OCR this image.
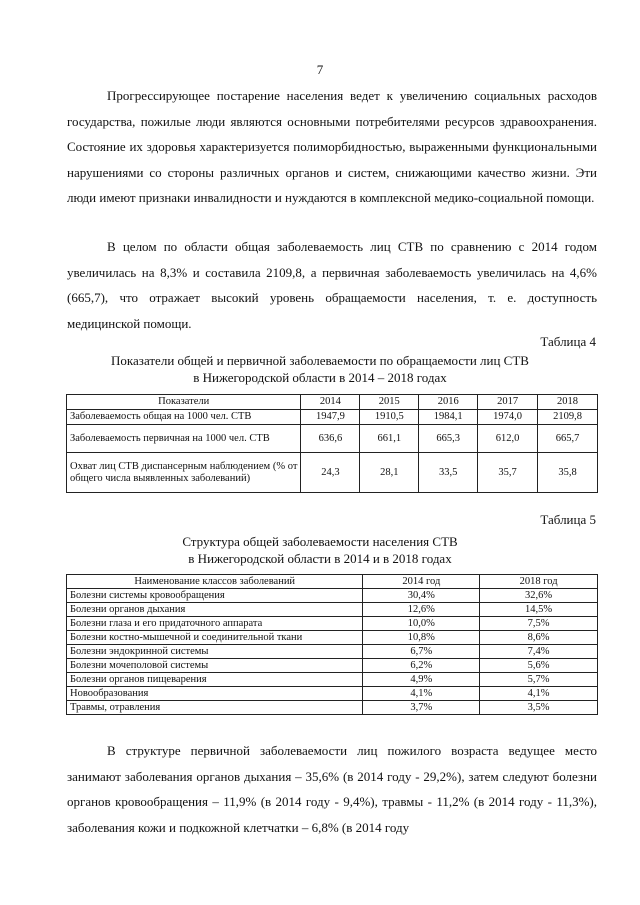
7

Прогрессирующее постарение населения ведет к увеличению социальных расходов государства, пожилые люди являются основными потребителями ресурсов здравоохранения. Состояние их здоровья характеризуется полиморбидностью, выраженными функциональными нарушениями со стороны различных органов и систем, снижающими качество жизни. Эти люди имеют признаки инвалидности и нуждаются в комплексной медико-социальной помощи.

В целом по области общая заболеваемость лиц СТВ по сравнению с 2014 годом увеличилась на 8,3% и составила 2109,8, а первичная заболеваемость увеличилась на 4,6% (665,7), что отражает высокий уровень обращаемости населения, т. е. доступность медицинской помощи.

Таблица 4
Показатели общей и первичной заболеваемости по обращаемости лиц СТВ
в Нижегородской области в 2014 – 2018 годах
Показатели	2014	2015	2016	2017	2018
Заболеваемость общая на 1000 чел. СТВ	1947,9	1910,5	1984,1	1974,0	2109,8
Заболеваемость первичная на 1000 чел. СТВ	636,6	661,1	665,3	612,0	665,7
Охват лиц СТВ диспансерным наблюдением (% от общего числа выявленных заболеваний)	24,3	28,1	33,5	35,7	35,8
Таблица 5
Структура общей заболеваемости населения СТВ
в Нижегородской области в 2014 и в 2018 годах
Наименование классов заболеваний	2014 год	2018 год
Болезни системы кровообращения	30,4%	32,6%
Болезни органов дыхания	12,6%	14,5%
Болезни глаза и его придаточного аппарата	10,0%	7,5%
Болезни костно-мышечной и соединительной ткани	10,8%	8,6%
Болезни эндокринной системы	6,7%	7,4%
Болезни мочеполовой системы	6,2%	5,6%
Болезни органов пищеварения	4,9%	5,7%
Новообразования	4,1%	4,1%
Травмы, отравления	3,7%	3,5%

В структуре первичной заболеваемости лиц пожилого возраста ведущее место занимают заболевания органов дыхания – 35,6% (в 2014 году - 29,2%), затем следуют болезни органов кровообращения – 11,9% (в 2014 году - 9,4%), травмы - 11,2% (в 2014 году - 11,3%), заболевания кожи и подкожной клетчатки – 6,8% (в 2014 году
